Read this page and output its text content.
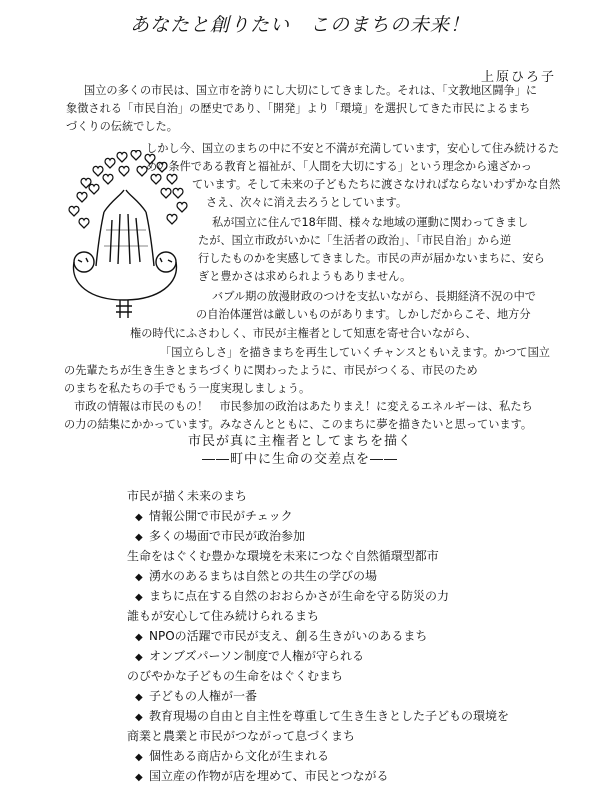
あなたと創りたい　このまちの未来！
上原ひろ子

国立の多くの市民は、国立市を誇りにし大切にしてきました。それは、「文教地区闘争」に

象徴される「市民自治」の歴史であり、「開発」より「環境」を選択してきた市民によるまち

づくりの伝統でした。

しかし今、国立のまちの中に不安と不満が充満しています，安心して住み続けるた

めの条件である教育と福祉が、「人間を大切にする」という理念から遠ざかっ

ています。そして未来の子どもたちに渡さなければならないわずかな自然

さえ、次々に消え去ろうとしています。

私が国立に住んで18年間、様々な地域の運動に関わってきまし

たが、国立市政がいかに「生活者の政治」、「市民自治」から逆

行したものかを実感してきました。市民の声が届かないまちに、安ら

ぎと豊かさは求められようもありません。

バブル期の放漫財政のつけを支払いながら、長期経済不況の中で

の自治体運営は厳しいものがあります。しかしだからこそ、地方分

権の時代にふさわしく、市民が主権者として知恵を寄せ合いながら、

「国立らしさ」を描きまちを再生していくチャンスともいえます。かつて国立

の先輩たちが生き生きとまちづくりに関わったように、市民がつくる、市民のため

のまちを私たちの手でもう一度実現しましょう。

市政の情報は市民のもの！　市民参加の政治はあたりまえ！に変えるエネルギーは、私たち

の力の結集にかかっています。みなさんとともに、このまちに夢を描きたいと思っています。

市民が真に主権者としてまちを描く
――町中に生命の交差点を――
市民が描く未来のまち
◆ 情報公開で市民がチェック
◆ 多くの場面で市民が政治参加
生命をはぐくむ豊かな環境を未来につなぐ自然循環型都市
◆ 湧水のあるまちは自然との共生の学びの場
◆ まちに点在する自然のおおらかさが生命を守る防災の力
誰もが安心して住み続けられるまち
◆ NPOの活躍で市民が支え、創る生きがいのあるまち
◆ オンブズパーソン制度で人権が守られる
のびやかな子どもの生命をはぐくむまち
◆ 子どもの人権が一番
◆ 教育現場の自由と自主性を尊重して生き生きとした子どもの環境を
商業と農業と市民がつながって息づくまち
◆ 個性ある商店から文化が生まれる
◆ 国立産の作物が店を埋めて、市民とつながる
